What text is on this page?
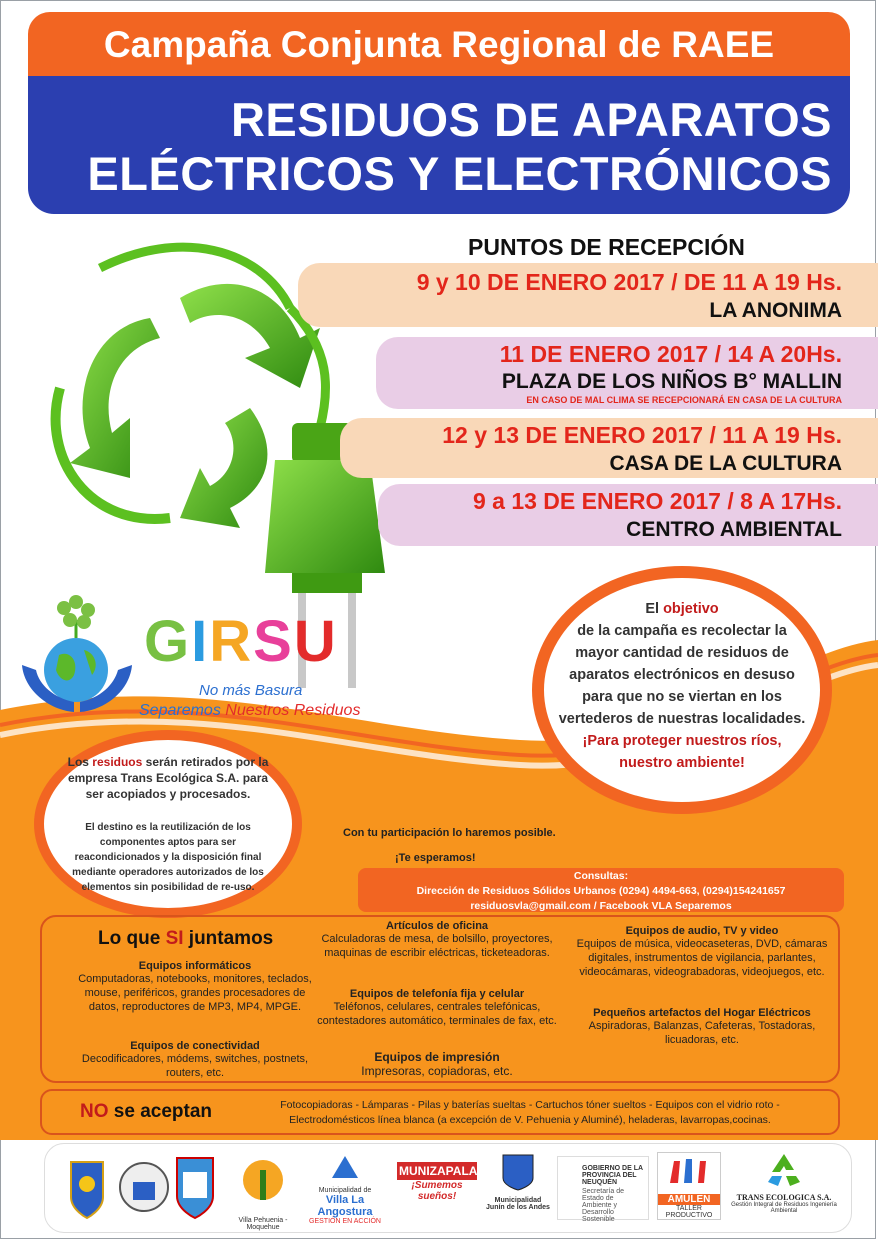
Campaña Conjunta Regional de RAEE
RESIDUOS DE APARATOS
ELÉCTRICOS Y ELECTRÓNICOS
PUNTOS DE RECEPCIÓN
9 y 10 DE ENERO 2017 / DE 11 A 19 Hs.
LA ANONIMA
11 DE ENERO 2017 / 14 A 20Hs.
PLAZA DE LOS NIÑOS B° MALLIN
EN CASO DE MAL CLIMA SE RECEPCIONARÁ EN CASA DE LA CULTURA
12 y 13 DE ENERO 2017 / 11 A 19 Hs.
CASA DE LA CULTURA
9 a 13 DE ENERO 2017 / 8 A 17Hs.
CENTRO AMBIENTAL
GIRSU
No más Basura
Separemos Nuestros Residuos
El objetivo
de la campaña es recolectar la mayor cantidad de residuos de aparatos electrónicos en desuso para que no se viertan en los vertederos de nuestras localidades.
¡Para proteger nuestros ríos, nuestro ambiente!
Los residuos serán retirados por la empresa Trans Ecológica S.A. para ser acopiados y procesados.
El destino es la reutilización de los componentes aptos para ser reacondicionados y la disposición final mediante operadores autorizados de los elementos sin posibilidad de re-uso.
Con tu participación lo haremos posible.
¡Te esperamos!
Consultas:
Dirección de Residuos Sólidos Urbanos (0294) 4494-663, (0294)154241657
residuosvla@gmail.com / Facebook VLA Separemos
Lo que SI juntamos
Equipos informáticos
Computadoras, notebooks, monitores, teclados, mouse, periféricos, grandes procesadores de datos, reproductores de MP3, MP4, MPGE.
Equipos de conectividad
Decodificadores, módems, switches, postnets, routers, etc.
Artículos de oficina
Calculadoras de mesa, de bolsillo, proyectores, maquinas de escribir eléctricas, ticketeadoras.
Equipos de telefonía fija y celular
Teléfonos, celulares, centrales telefónicas, contestadores automático, terminales de fax, etc.
Equipos de impresión
Impresoras, copiadoras, etc.
Equipos de audio, TV y video
Equipos de música, videocaseteras, DVD, cámaras digitales, instrumentos de vigilancia, parlantes, videocámaras, videograbadoras, videojuegos, etc.
Pequeños artefactos del Hogar Eléctricos
Aspiradoras, Balanzas, Cafeteras, Tostadoras, licuadoras, etc.
NO se aceptan	Fotocopiadoras - Lámparas - Pilas y baterías sueltas - Cartuchos tóner sueltos - Equipos con el vidrio roto - Electrodomésticos línea blanca (a excepción de V. Pehuenia y Aluminé), heladeras, lavarropas,cocinas.
Villa Pehuenia - Moquehue
Municipalidad de
Villa La Angostura
GESTIÓN EN ACCIÓN
MUNIZAPALA
¡Sumemos sueños!	Municipalidad Junín de los Andes
GOBIERNO DE LA PROVINCIA DEL NEUQUÉN
Secretaría de Estado de Ambiente y Desarrollo Sostenible
AMULEN
TALLER PRODUCTIVO
TRANS ECOLOGICA S.A.
Gestión Integral de Residuos Ingeniería Ambiental
